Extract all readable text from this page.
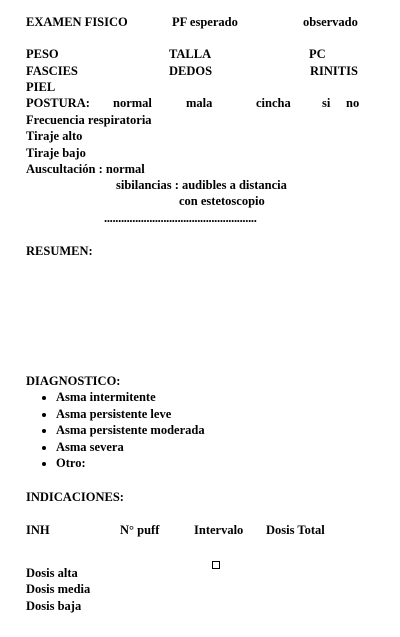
EXAMEN FISICO	PF esperado	observado
PESO	TALLA	PC
FASCIES	DEDOS	RINITIS
PIEL
POSTURA: normal	mala	cincha	si no
Frecuencia respiratoria
Tiraje alto
Tiraje bajo
Auscultación : normal
sibilancias : audibles a distancia
con estetoscopio
......................................................
RESUMEN:
DIAGNOSTICO:
• Asma intermitente
• Asma persistente leve
• Asma persistente moderada
• Asma severa
• Otro:
INDICACIONES:
INH	N° puff	Intervalo Dosis Total
Dosis alta
Dosis media
Dosis baja
